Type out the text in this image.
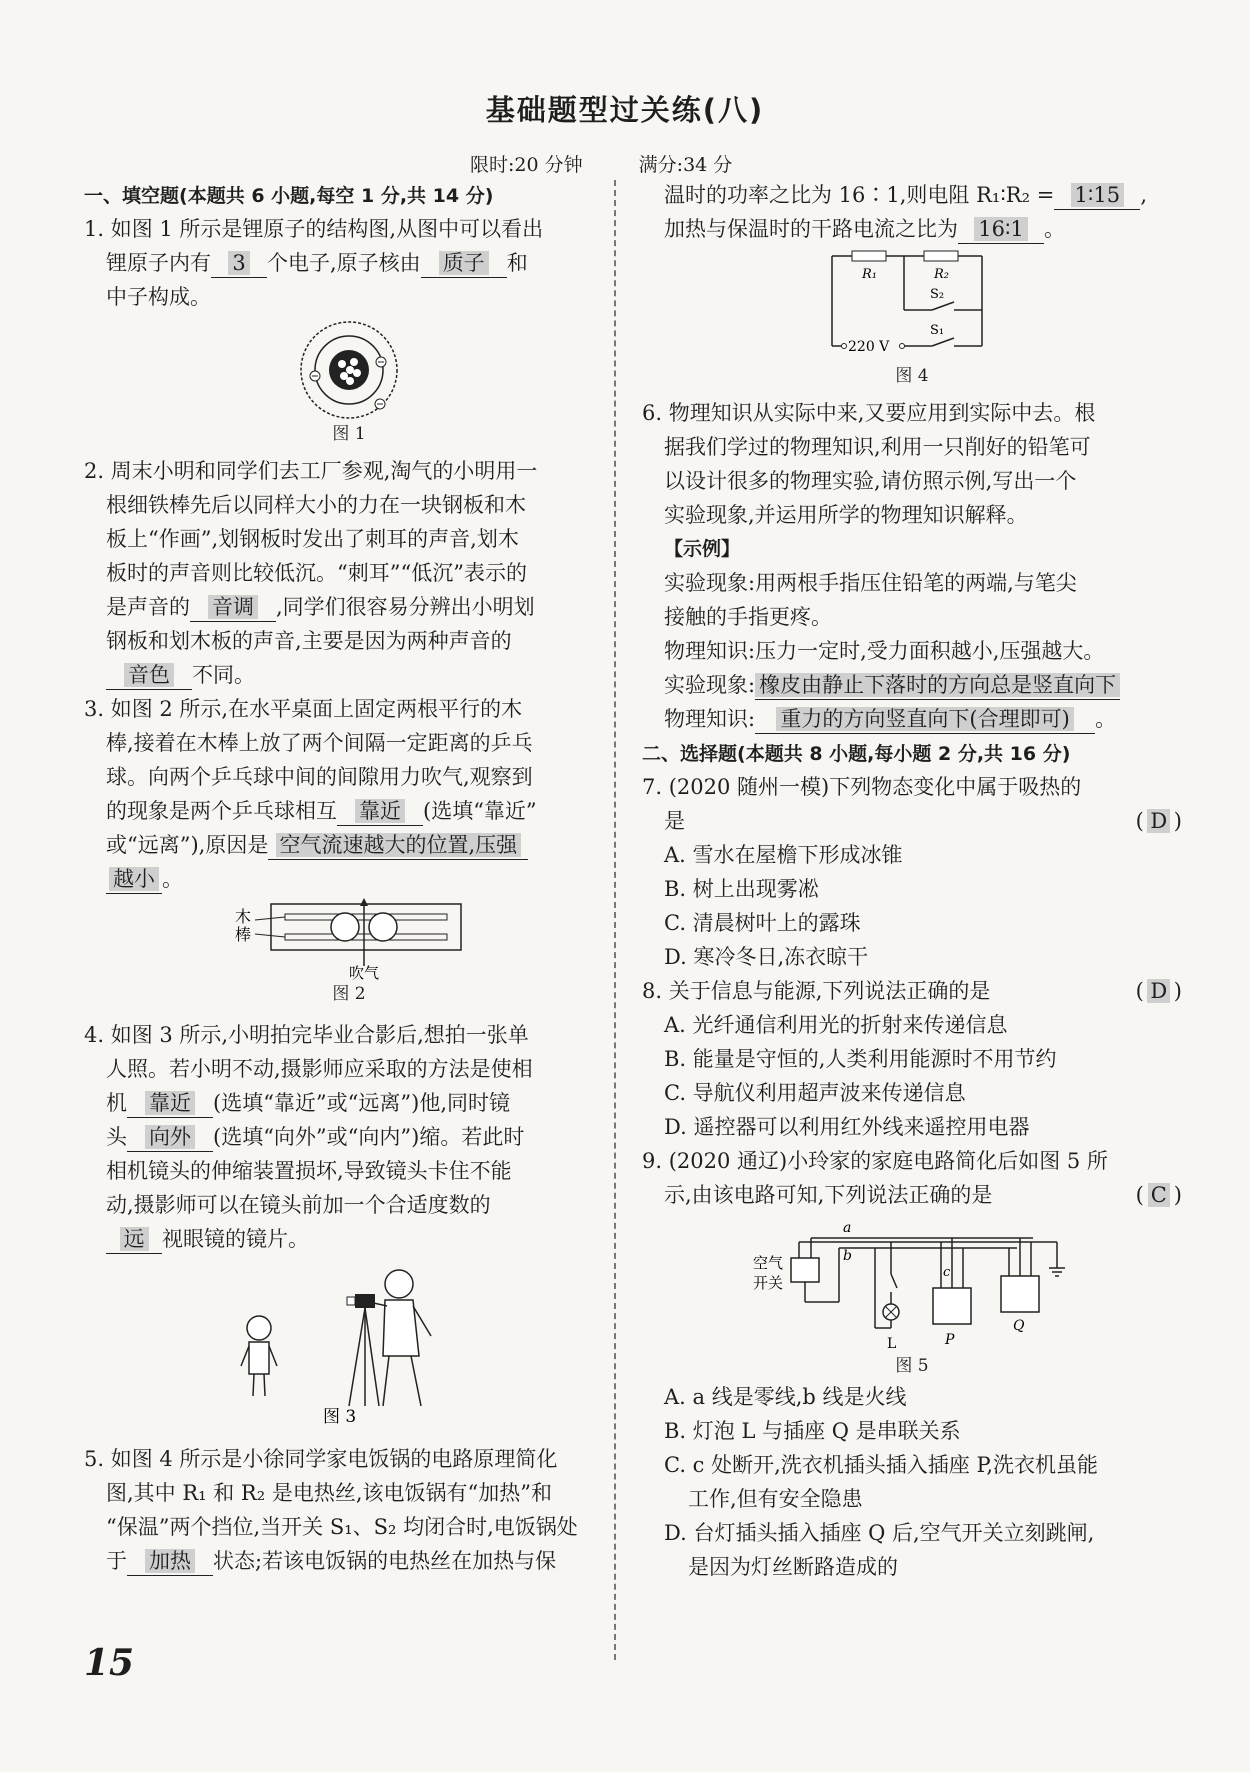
基础题型过关练(八)
限时:20 分钟	满分:34 分
一、填空题(本题共 6 小题,每空 1 分,共 14 分)
1. 如图 1 所示是锂原子的结构图,从图中可以看出
锂原子内有 3 个电子,原子核由 质子 和
中子构成。
图 1
2. 周末小明和同学们去工厂参观,淘气的小明用一
根细铁棒先后以同样大小的力在一块钢板和木
板上“作画”,划钢板时发出了刺耳的声音,划木
板时的声音则比较低沉。“刺耳”“低沉”表示的
是声音的 音调 ,同学们很容易分辨出小明划
钢板和划木板的声音,主要是因为两种声音的
音色 不同。
3. 如图 2 所示,在水平桌面上固定两根平行的木
棒,接着在木棒上放了两个间隔一定距离的乒乓
球。向两个乒乓球中间的间隙用力吹气,观察到
的现象是两个乒乓球相互 靠近 (选填“靠近”
或“远离”),原因是 空气流速越大的位置,压强
越小 。
木
棒
吹气
图 2
4. 如图 3 所示,小明拍完毕业合影后,想拍一张单
人照。若小明不动,摄影师应采取的方法是使相
机 靠近 (选填“靠近”或“远离”)他,同时镜
头 向外 (选填“向外”或“向内”)缩。若此时
相机镜头的伸缩装置损坏,导致镜头卡住不能
动,摄影师可以在镜头前加一个合适度数的
远 视眼镜的镜片。
图 3
5. 如图 4 所示是小徐同学家电饭锅的电路原理简化
图,其中 R₁ 和 R₂ 是电热丝,该电饭锅有“加热”和
“保温”两个挡位,当开关 S₁、S₂ 均闭合时,电饭锅处
于 加热 状态;若该电饭锅的电热丝在加热与保
温时的功率之比为 16∶1,则电阻 R₁∶R₂ = 1∶15 ,
加热与保温时的干路电流之比为 16∶1 。
R₁	R₂
S₂
220 V
S₁
图 4
6. 物理知识从实际中来,又要应用到实际中去。根
据我们学过的物理知识,利用一只削好的铅笔可
以设计很多的物理实验,请仿照示例,写出一个
实验现象,并运用所学的物理知识解释。
【示例】
实验现象:用两根手指压住铅笔的两端,与笔尖
接触的手指更疼。
物理知识:压力一定时,受力面积越小,压强越大。
实验现象: 橡皮由静止下落时的方向总是竖直向下
物理知识: 重力的方向竖直向下(合理即可) 。
二、选择题(本题共 8 小题,每小题 2 分,共 16 分)
7. (2020 随州一模)下列物态变化中属于吸热的
是	( D )
A. 雪水在屋檐下形成冰锥
B. 树上出现雾凇
C. 清晨树叶上的露珠
D. 寒冷冬日,冻衣晾干
8. 关于信息与能源,下列说法正确的是	( D )
A. 光纤通信利用光的折射来传递信息
B. 能量是守恒的,人类利用能源时不用节约
C. 导航仪利用超声波来传递信息
D. 遥控器可以利用红外线来遥控用电器
9. (2020 通辽)小玲家的家庭电路简化后如图 5 所
示,由该电路可知,下列说法正确的是	( C )
a
b
空气
开关
L
c
P
Q
图 5
A. a 线是零线,b 线是火线
B. 灯泡 L 与插座 Q 是串联关系
C. c 处断开,洗衣机插头插入插座 P,洗衣机虽能
工作,但有安全隐患
D. 台灯插头插入插座 Q 后,空气开关立刻跳闸,
是因为灯丝断路造成的
15
